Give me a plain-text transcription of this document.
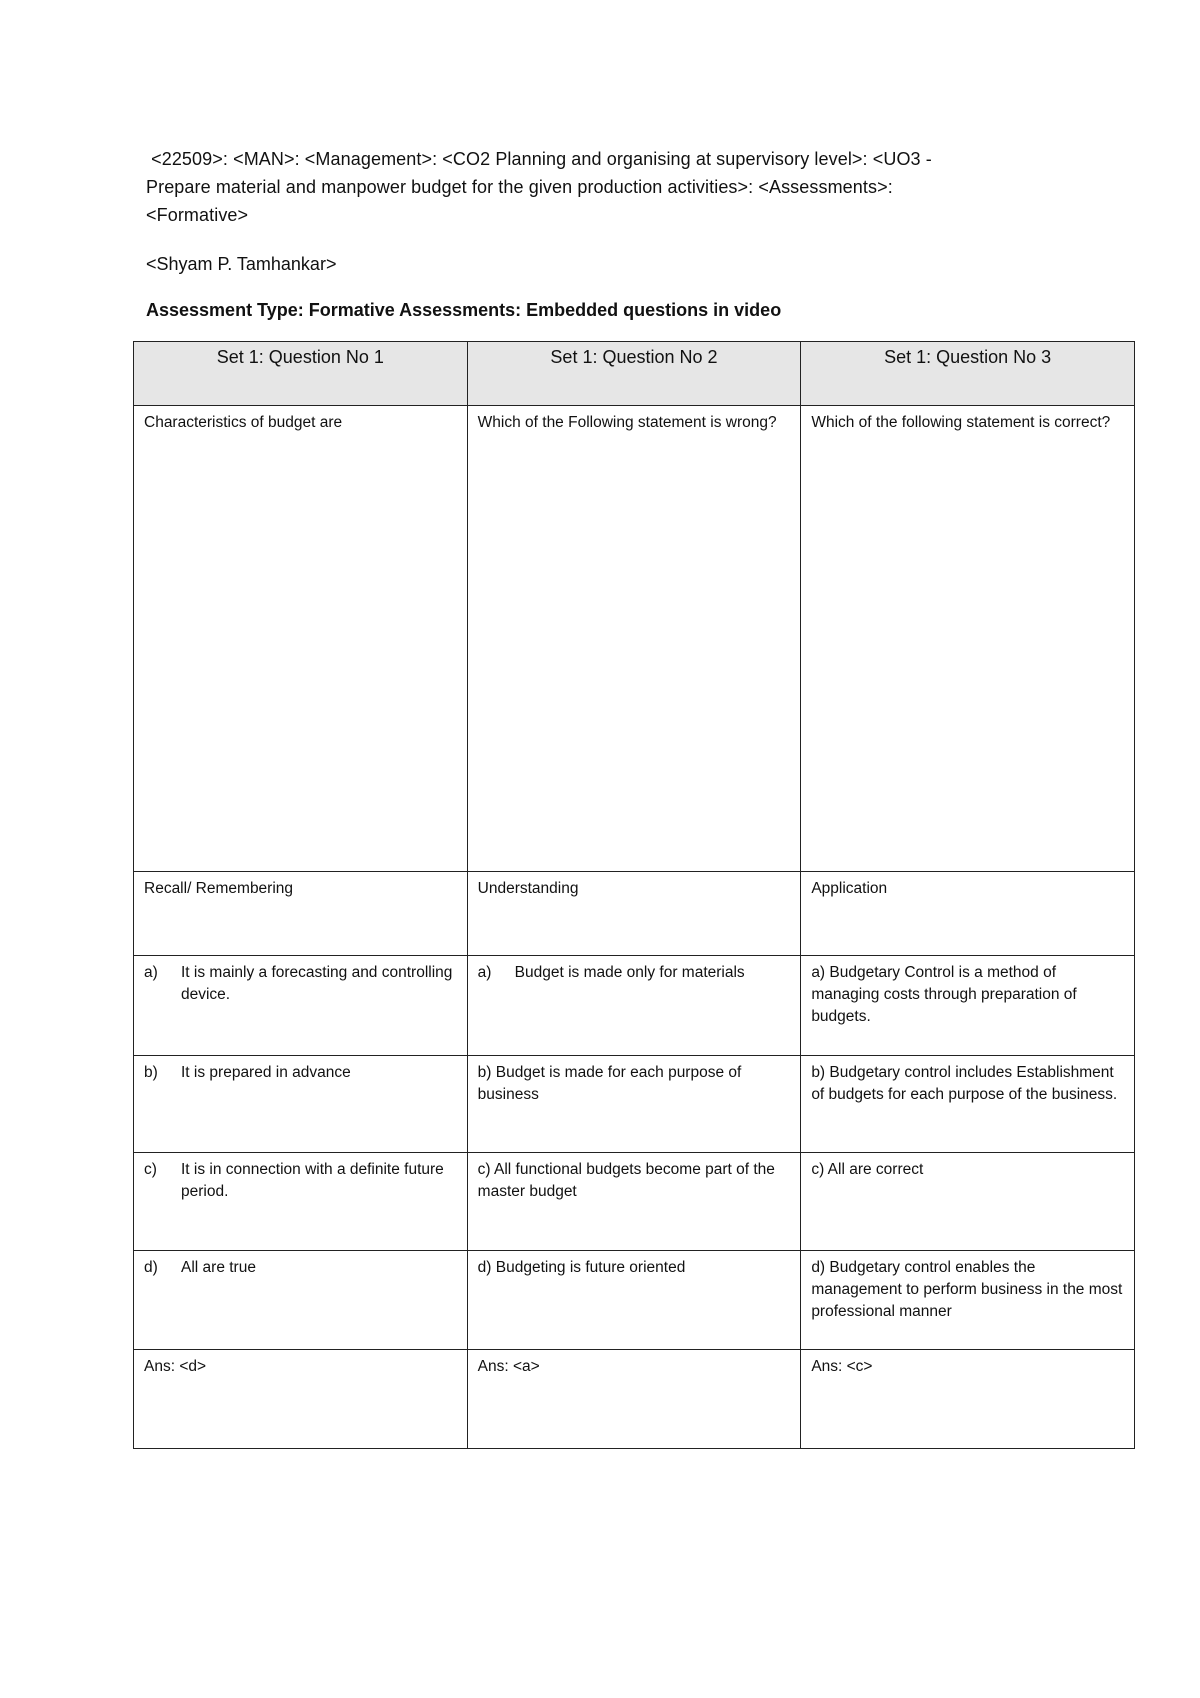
<22509>: <MAN>: <Management>: <CO2 Planning and organising at supervisory level>: <UO3 -
Prepare material and manpower budget for the given production activities>: <Assessments>:
<Formative>
<Shyam P. Tamhankar>
Assessment Type: Formative Assessments: Embedded questions in video
Set 1: Question No 1	Set 1: Question No 2	Set 1: Question No 3
Characteristics of budget are	Which of the Following statement is wrong?	Which of the following statement is correct?
Recall/ Remembering	Understanding	Application

a) It is mainly a forecasting and controlling device.	a) Budget is made only for materials	a) Budgetary Control is a method of managing costs through preparation of budgets.

b) It is prepared in advance	b) Budget is made for each purpose of business	b) Budgetary control includes Establishment of budgets for each purpose of the business.

c) It is in connection with a definite future period.	c) All functional budgets become part of the master budget	c) All are correct

d) All are true	d) Budgeting is future oriented	d) Budgetary control enables the management to perform business in the most professional manner
Ans: <d>	Ans: <a>	Ans: <c>
